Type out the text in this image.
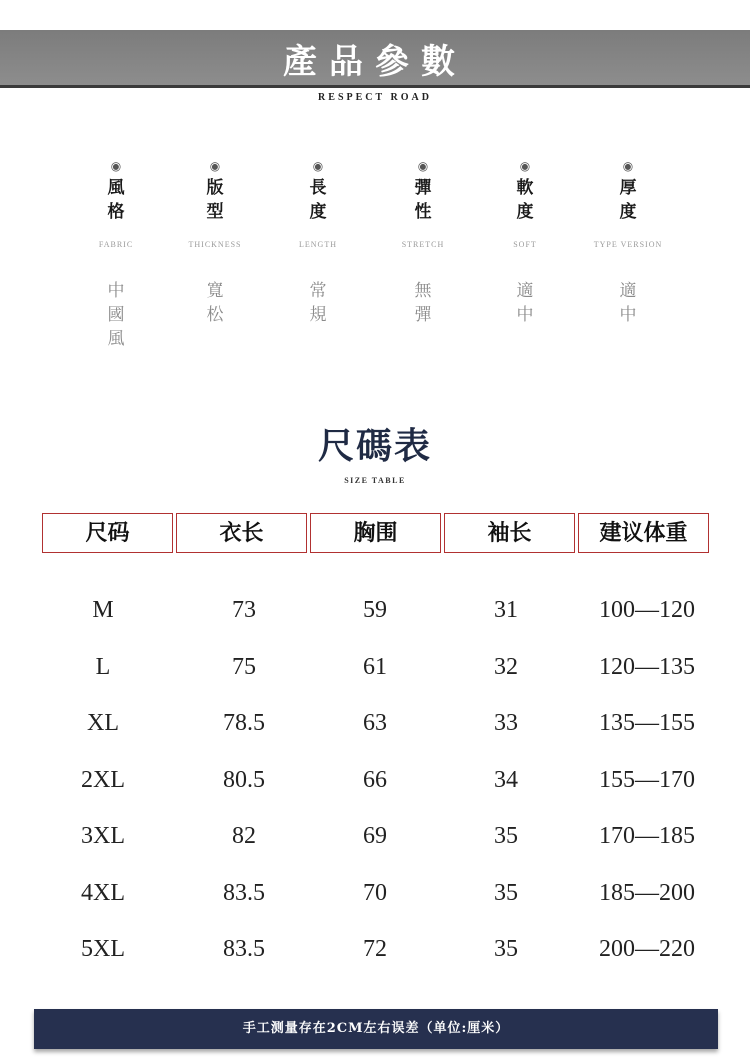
產品參數
RESPECT ROAD
◉
風格
FABRIC
中國風
◉
版型
THICKNESS
寬松
◉
長度
LENGTH
常規
◉
彈性
STRETCH
無彈
◉
軟度
SOFT
適中
◉
厚度
TYPE VERSION
適中
尺碼表
SIZE TABLE
尺码	衣长	胸围	袖长	建议体重
M	73	59	31	100—120
L	75	61	32	120—135
XL	78.5	63	33	135—155
2XL	80.5	66	34	155—170
3XL	82	69	35	170—185
4XL	83.5	70	35	185—200
5XL	83.5	72	35	200—220
手工测量存在2CM左右误差（单位:厘米）
